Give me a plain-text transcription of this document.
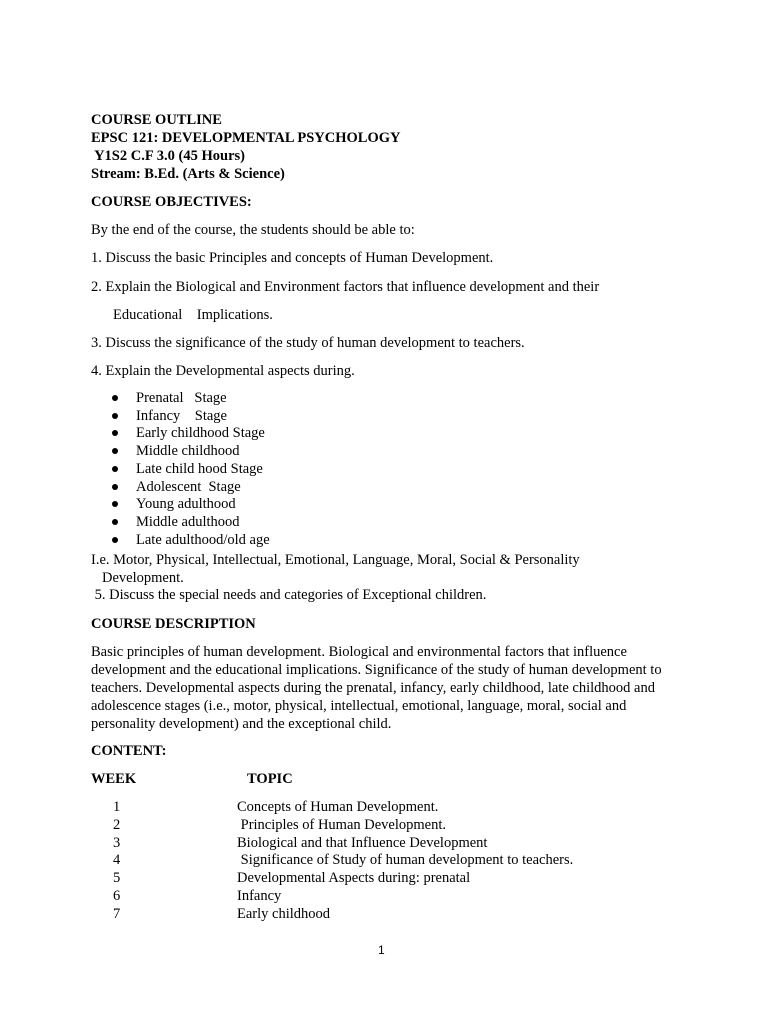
COURSE OUTLINE
EPSC 121: DEVELOPMENTAL PSYCHOLOGY
Y1S2 C.F 3.0 (45 Hours)
Stream: B.Ed. (Arts & Science)
COURSE OBJECTIVES:
By the end of the course, the students should be able to:
1. Discuss the basic Principles and concepts of Human Development.
2. Explain the Biological and Environment factors that influence development and their
Educational    Implications.
3. Discuss the significance of the study of human development to teachers.
4. Explain the Developmental aspects during.
Prenatal   Stage
Infancy    Stage
Early childhood Stage
Middle childhood
Late child hood Stage
Adolescent  Stage
Young adulthood
Middle adulthood
Late adulthood/old age
I.e. Motor, Physical, Intellectual, Emotional, Language, Moral, Social & Personality
Development.
5. Discuss the special needs and categories of Exceptional children.
COURSE DESCRIPTION
Basic principles of human development. Biological and environmental factors that influence development and the educational implications. Significance of the study of human development to teachers. Developmental aspects during the prenatal, infancy, early childhood, late childhood and adolescence stages (i.e., motor, physical, intellectual, emotional, language, moral, social and personality development) and the exceptional child.
CONTENT:
WEEK	TOPIC
1	Concepts of Human Development.
2	Principles of Human Development.
3	Biological and that Influence Development
4	Significance of Study of human development to teachers.
5	Developmental Aspects during: prenatal
6	Infancy
7	Early childhood
1
